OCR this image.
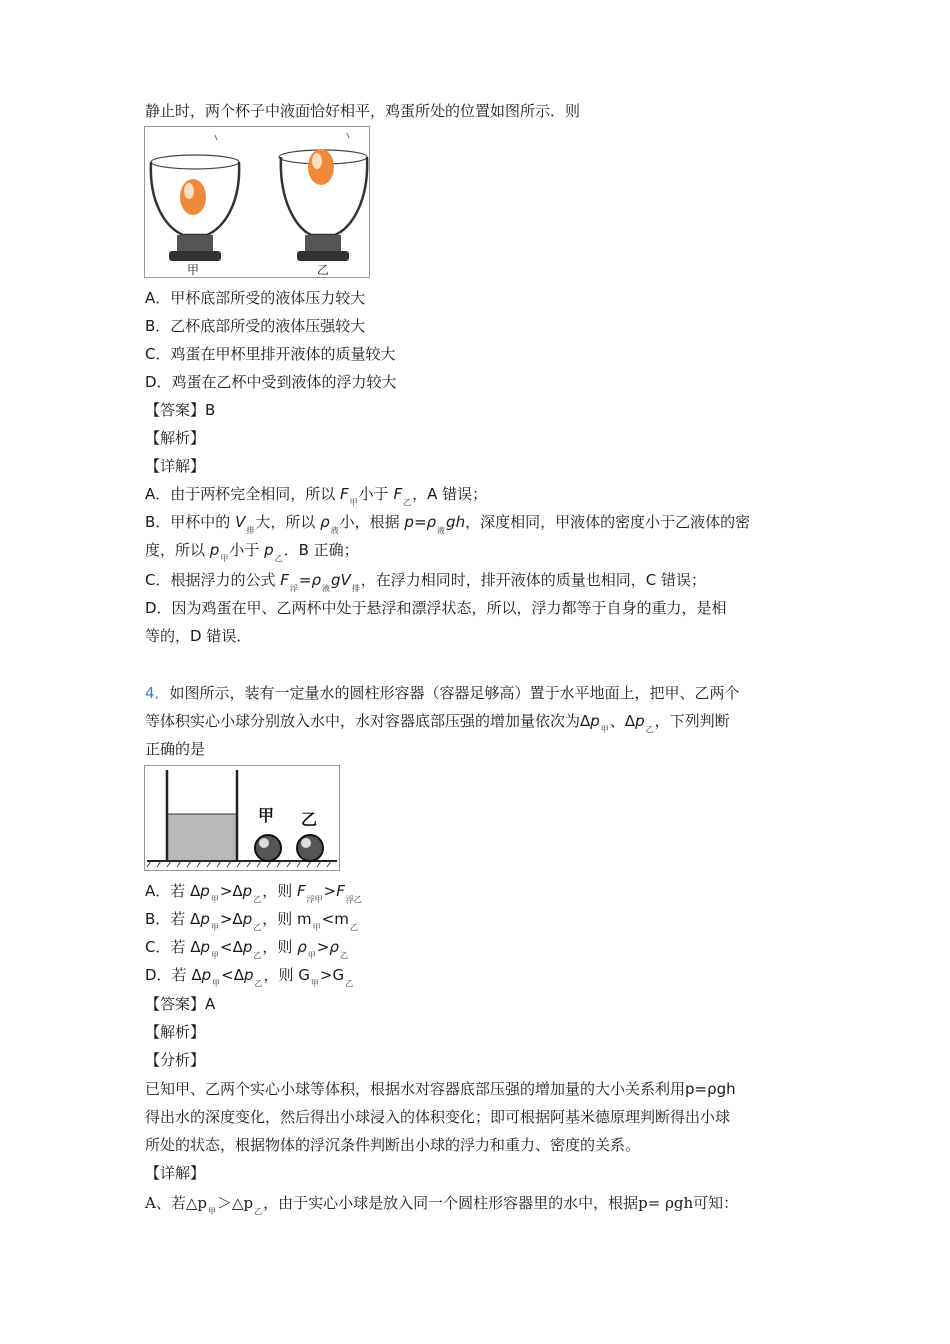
静止时，两个杯子中液面恰好相平，鸡蛋所处的位置如图所示．则
甲	乙
A．甲杯底部所受的液体压力较大
B．乙杯底部所受的液体压强较大
C．鸡蛋在甲杯里排开液体的质量较大
D．鸡蛋在乙杯中受到液体的浮力较大
【答案】B
【解析】
【详解】
A．由于两杯完全相同，所以 $F_甲$小于 $F_乙$，A 错误；
B．甲杯中的 $V_排$大，所以 $\rho_液$小，根据 $p=\rho_液gh$，深度相同，甲液体的密度小于乙液体的密
度，所以 $p_甲$小于 $p_乙$．B 正确；
C．根据浮力的公式 $F_浮=\rho_液gV_排$，在浮力相同时，排开液体的质量也相同，C 错误；
D．因为鸡蛋在甲、乙两杯中处于悬浮和漂浮状态，所以，浮力都等于自身的重力，是相
等的，D 错误．
4．如图所示，装有一定量水的圆柱形容器（容器足够高）置于水平地面上，把甲、乙两个
等体积实心小球分别放入水中，水对容器底部压强的增加量依次为$\Delta p_甲$、$\Delta p_乙$，下列判断
正确的是
甲 乙
A．若 $\Delta p_甲>\Delta p_乙$，则 $F_{浮甲}>F_{浮乙}$
B．若 $\Delta p_甲>\Delta p_乙$，则 $m_甲<m_乙$
C．若 $\Delta p_甲<\Delta p_乙$，则 $\rho_甲>\rho_乙$
D．若 $\Delta p_甲<\Delta p_乙$，则 $G_甲>G_乙$
【答案】A
【解析】
【分析】
已知甲、乙两个实心小球等体积，根据水对容器底部压强的增加量的大小关系利用p=ρgh
得出水的深度变化，然后得出小球浸入的体积变化；即可根据阿基米德原理判断得出小球
所处的状态，根据物体的浮沉条件判断出小球的浮力和重力、密度的关系。
【详解】
A、若$\triangle p_甲>\triangle p_乙$，由于实心小球是放入同一个圆柱形容器里的水中，根据p= ρgh可知：
